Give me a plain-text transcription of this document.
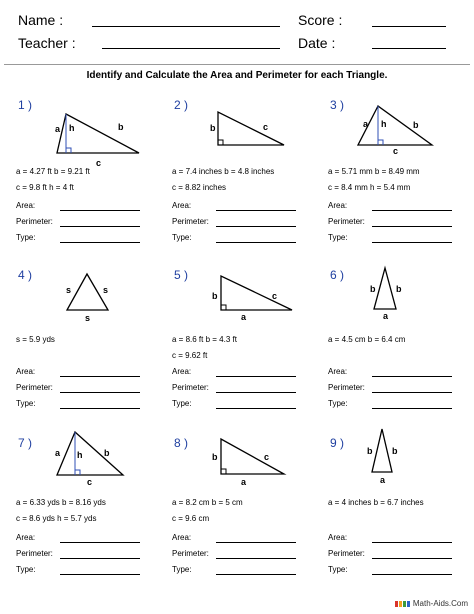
Name :
Teacher :
Score :
Date :
Identify and Calculate the Area and Perimeter for each Triangle.
1 )
a h	b
c
a = 4.27 ft b = 9.21 ft
c = 9.8 ft h = 4 ft
Area:
Perimeter:
Type:
2 )
b	c
a = 7.4 inches b = 4.8 inches
c = 8.82 inches
Area:
Perimeter:
Type:
3 )
a h	b
c
a = 5.71 mm b = 8.49 mm
c = 8.4 mm h = 5.4 mm
Area:
Perimeter:
Type:
4 )
s	s
s
s = 5.9 yds
Area:
Perimeter:
Type:
5 )
b	c
a
a = 8.6 ft b = 4.3 ft
c = 9.62 ft
Area:
Perimeter:
Type:
6 )
b b
a
a = 4.5 cm b = 6.4 cm
Area:
Perimeter:
Type:
7 )
a h b
c
a = 6.33 yds b = 8.16 yds
c = 8.6 yds h = 5.7 yds
Area:
Perimeter:
Type:
8 )
b	c
a
a = 8.2 cm b = 5 cm
c = 9.6 cm
Area:
Perimeter:
Type:
9 )
b b
a
a = 4 inches b = 6.7 inches
Area:
Perimeter:
Type:
Math-Aids.Com
